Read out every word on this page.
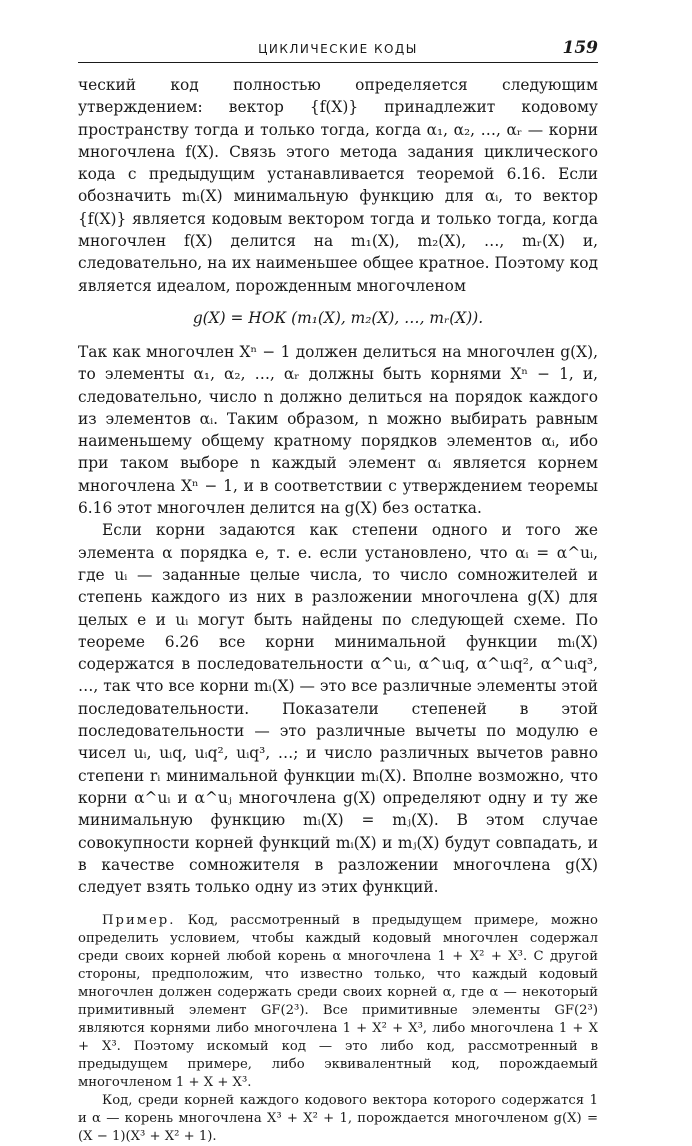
ЦИКЛИЧЕСКИЕ КОДЫ	159

ческий код полностью определяется следующим утверждением: вектор {f(X)} принадлежит кодовому пространству тогда и только тогда, когда α₁, α₂, …, αᵣ — корни многочлена f(X). Связь этого метода задания циклического кода с предыдущим устанавливается теоремой 6.16. Если обозначить mᵢ(X) минимальную функцию для αᵢ, то вектор {f(X)} является кодовым вектором тогда и только тогда, когда многочлен f(X) делится на m₁(X), m₂(X), …, mᵣ(X) и, следовательно, на их наименьшее общее кратное. Поэтому код является идеалом, порожденным многочленом

g(X) = НОК (m₁(X), m₂(X), …, mᵣ(X)).

Так как многочлен Xⁿ − 1 должен делиться на многочлен g(X), то элементы α₁, α₂, …, αᵣ должны быть корнями Xⁿ − 1, и, следовательно, число n должно делиться на порядок каждого из элементов αᵢ. Таким образом, n можно выбирать равным наименьшему общему кратному порядков элементов αᵢ, ибо при таком выборе n каждый элемент αᵢ является корнем многочлена Xⁿ − 1, и в соответствии с утверждением теоремы 6.16 этот многочлен делится на g(X) без остатка.

Если корни задаются как степени одного и того же элемента α порядка e, т. е. если установлено, что αᵢ = α^uᵢ, где uᵢ — заданные целые числа, то число сомножителей и степень каждого из них в разложении многочлена g(X) для целых e и uᵢ могут быть найдены по следующей схеме. По теореме 6.26 все корни минимальной функции mᵢ(X) содержатся в последовательности α^uᵢ, α^uᵢq, α^uᵢq², α^uᵢq³, …, так что все корни mᵢ(X) — это все различные элементы этой последовательности. Показатели степеней в этой последовательности — это различные вычеты по модулю e чисел uᵢ, uᵢq, uᵢq², uᵢq³, …; и число различных вычетов равно степени rᵢ минимальной функции mᵢ(X). Вполне возможно, что корни α^uᵢ и α^uⱼ многочлена g(X) определяют одну и ту же минимальную функцию mᵢ(X) = mⱼ(X). В этом случае совокупности корней функций mᵢ(X) и mⱼ(X) будут совпадать, и в качестве сомножителя в разложении многочлена g(X) следует взять только одну из этих функций.

Пример. Код, рассмотренный в предыдущем примере, можно определить условием, чтобы каждый кодовый многочлен содержал среди своих корней любой корень α многочлена 1 + X² + X³. С другой стороны, предположим, что известно только, что каждый кодовый многочлен должен содержать среди своих корней α, где α — некоторый примитивный элемент GF(2³). Все примитивные элементы GF(2³) являются корнями либо многочлена 1 + X² + X³, либо многочлена 1 + X + X³. Поэтому искомый код — это либо код, рассмотренный в предыдущем примере, либо эквивалентный код, порождаемый многочленом 1 + X + X³.

Код, среди корней каждого кодового вектора которого содержатся 1 и α — корень многочлена X³ + X² + 1, порождается многочленом g(X) = (X − 1)(X³ + X² + 1).
